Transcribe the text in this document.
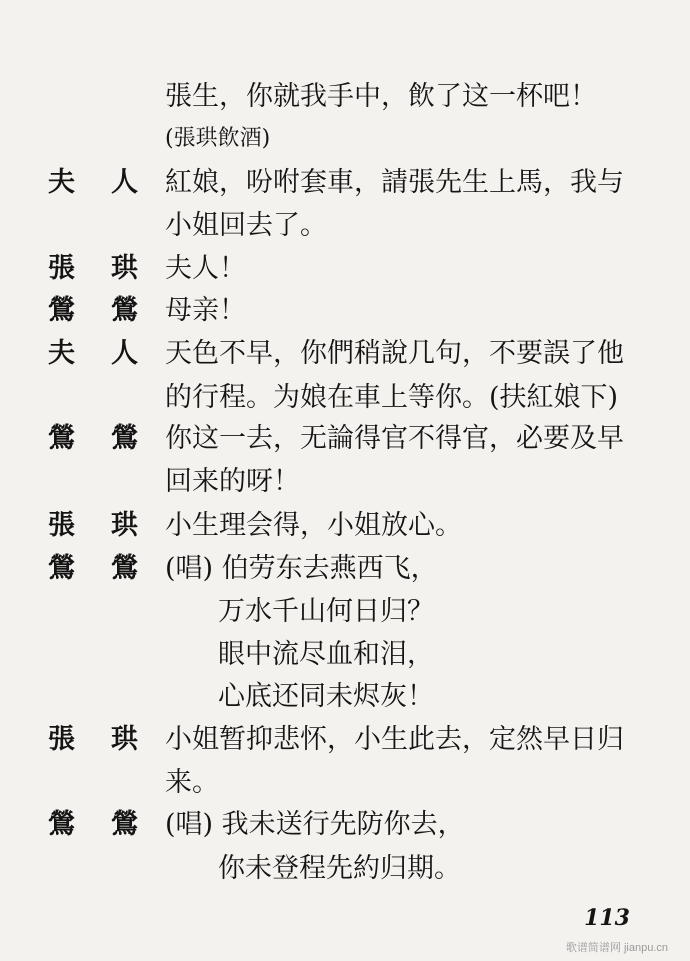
張生，你就我手中，飲了这一杯吧！
(張珙飲酒)
夫 人 紅娘，吩咐套車，請張先生上馬，我与
小姐回去了。
張 珙 夫人！
鶯 鶯 母亲！
夫 人 天色不早，你們稍說几句，不要誤了他
的行程。为娘在車上等你。(扶紅娘下)
鶯 鶯 你这一去，无論得官不得官，必要及早
回来的呀！
張 珙 小生理会得，小姐放心。
鶯 鶯 (唱) 伯劳东去燕西飞，
万水千山何日归？
眼中流尽血和泪，
心底还同未烬灰！
張 珙 小姐暂抑悲怀，小生此去，定然早日归
来。
鶯 鶯 (唱) 我未送行先防你去，
你未登程先約归期。
113
歌谱简谱网 jianpu.cn
